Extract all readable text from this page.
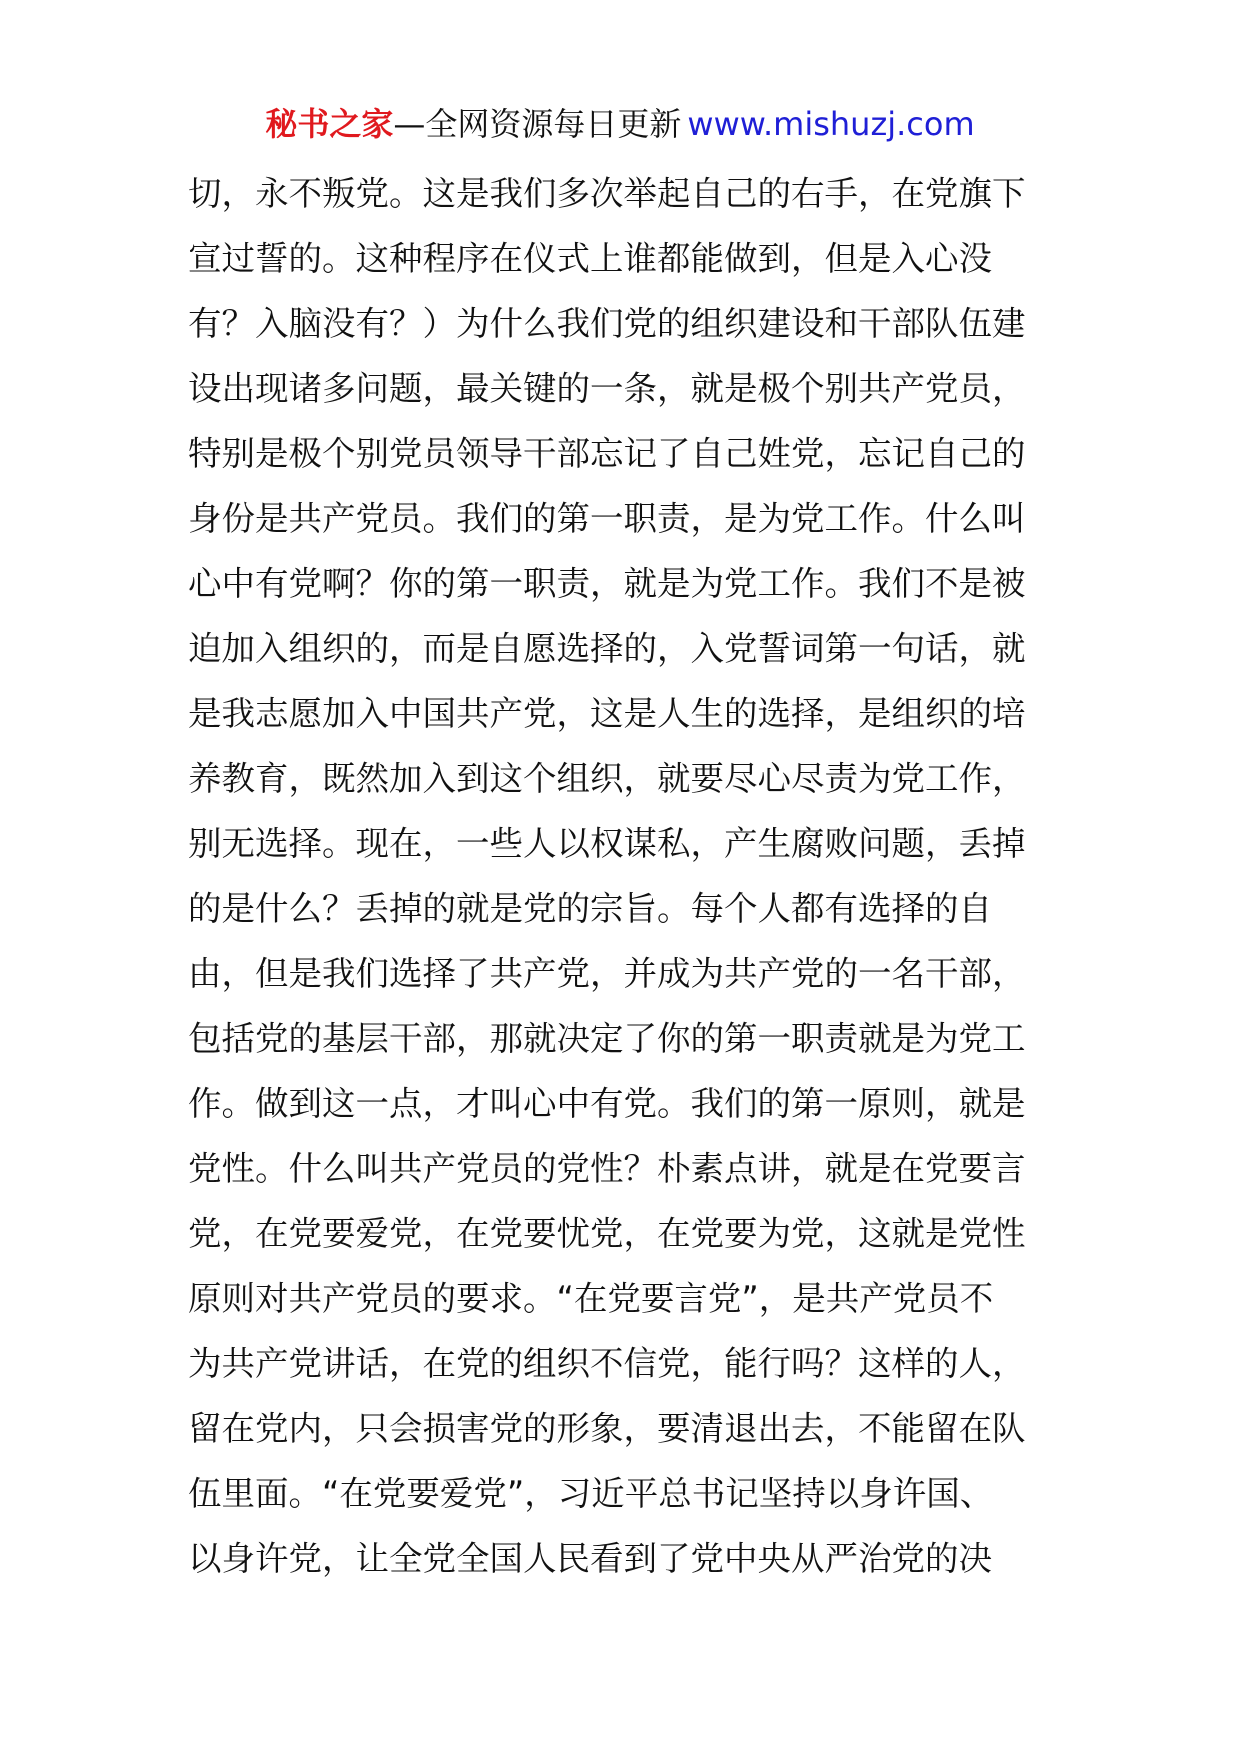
秘书之家—全网资源每日更新 www.mishuzj.com
切，永不叛党。这是我们多次举起自己的右手，在党旗下
宣过誓的。这种程序在仪式上谁都能做到，但是入心没
有？入脑没有？）为什么我们党的组织建设和干部队伍建
设出现诸多问题，最关键的一条，就是极个别共产党员，
特别是极个别党员领导干部忘记了自己姓党，忘记自己的
身份是共产党员。我们的第一职责，是为党工作。什么叫
心中有党啊？你的第一职责，就是为党工作。我们不是被
迫加入组织的，而是自愿选择的，入党誓词第一句话，就
是我志愿加入中国共产党，这是人生的选择，是组织的培
养教育，既然加入到这个组织，就要尽心尽责为党工作，
别无选择。现在，一些人以权谋私，产生腐败问题，丢掉
的是什么？丢掉的就是党的宗旨。每个人都有选择的自
由，但是我们选择了共产党，并成为共产党的一名干部，
包括党的基层干部，那就决定了你的第一职责就是为党工
作。做到这一点，才叫心中有党。我们的第一原则，就是
党性。什么叫共产党员的党性？朴素点讲，就是在党要言
党，在党要爱党，在党要忧党，在党要为党，这就是党性
原则对共产党员的要求。“在党要言党”，是共产党员不
为共产党讲话，在党的组织不信党，能行吗？这样的人，
留在党内，只会损害党的形象，要清退出去，不能留在队
伍里面。“在党要爱党”，习近平总书记坚持以身许国、
以身许党，让全党全国人民看到了党中央从严治党的决
